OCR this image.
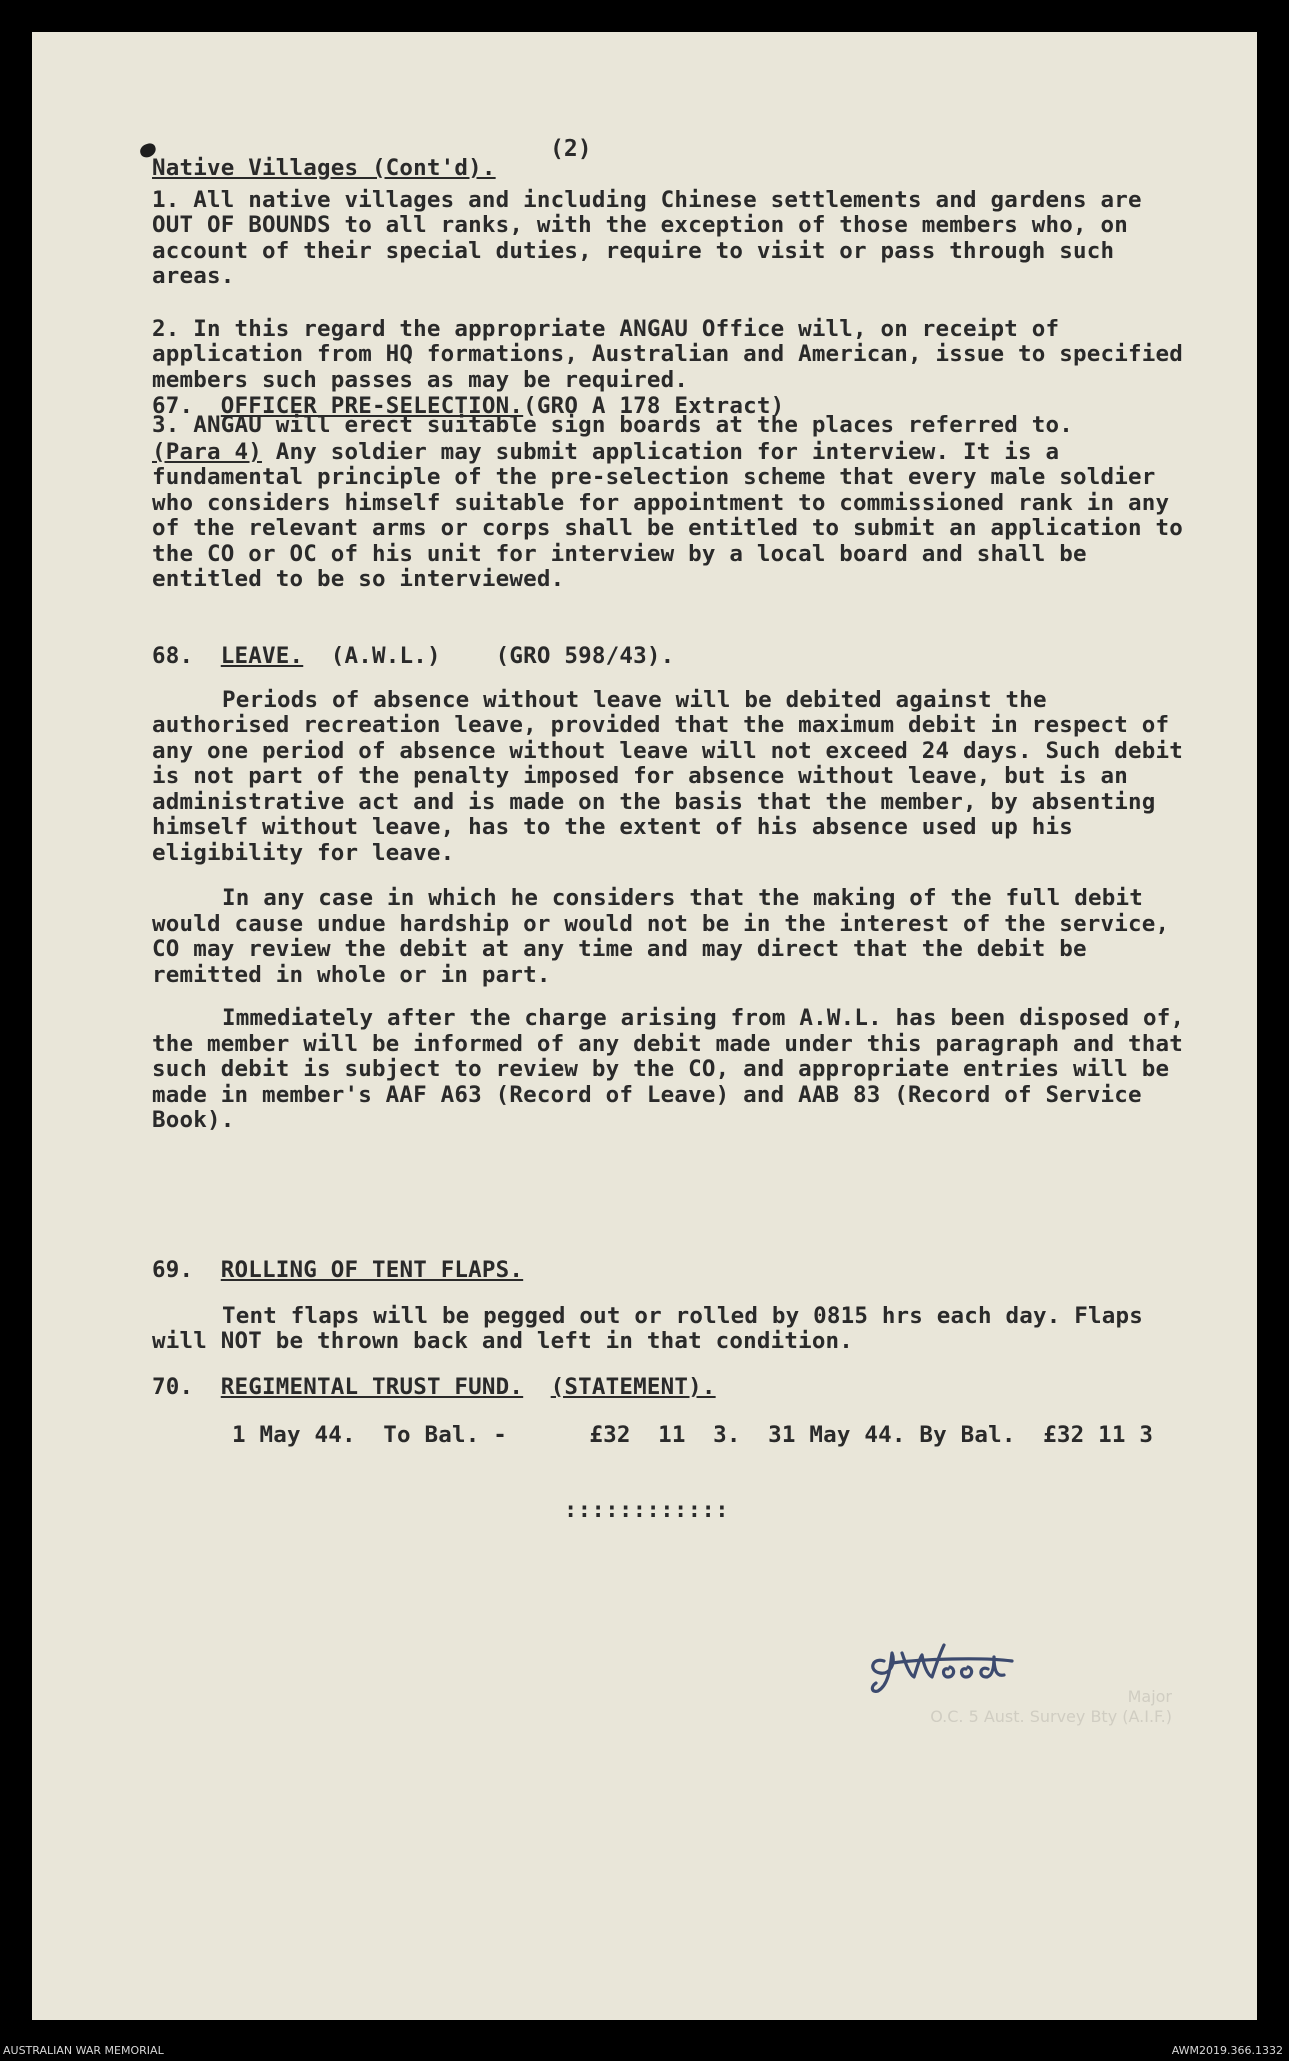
(2)

Native Villages (Cont'd).

1. All native villages and including Chinese settlements and gardens are OUT OF BOUNDS to all ranks, with the exception of those members who, on account of their special duties, require to visit or pass through such areas.

2. In this regard the appropriate ANGAU Office will, on receipt of application from HQ formations, Australian and American, issue to specified members such passes as may be required.

3. ANGAU will erect suitable sign boards at the places referred to.

67. OFFICER PRE-SELECTION.(GRO A 178 Extract)

(Para 4) Any soldier may submit application for interview. It is a fundamental principle of the pre-selection scheme that every male soldier who considers himself suitable for appointment to commissioned rank in any of the relevant arms or corps shall be entitled to submit an application to the CO or OC of his unit for interview by a local board and shall be entitled to be so interviewed.

68. LEAVE.  (A.W.L.)    (GRO 598/43).

Periods of absence without leave will be debited against the authorised recreation leave, provided that the maximum debit in respect of any one period of absence without leave will not exceed 24 days. Such debit is not part of the penalty imposed for absence without leave, but is an administrative act and is made on the basis that the member, by absenting himself without leave, has to the extent of his absence used up his eligibility for leave.

In any case in which he considers that the making of the full debit would cause undue hardship or would not be in the interest of the service, CO may review the debit at any time and may direct that the debit be remitted in whole or in part.

Immediately after the charge arising from A.W.L. has been disposed of, the member will be informed of any debit made under this paragraph and that such debit is subject to review by the CO, and appropriate entries will be made in member's AAF A63 (Record of Leave) and AAB 83 (Record of Service Book).

69. ROLLING OF TENT FLAPS.

Tent flaps will be pegged out or rolled by 0815 hrs each day. Flaps will NOT be thrown back and left in that condition.

70. REGIMENTAL TRUST FUND. (STATEMENT).

1 May 44.
To Bal. -
	£32  11  3.
31 May 44.
By Bal.
£32 11 3
::::::::::::
Major
O.C. 5 Aust. Survey Bty (A.I.F.)
AUSTRALIAN WAR MEMORIAL	AWM2019.366.1332
